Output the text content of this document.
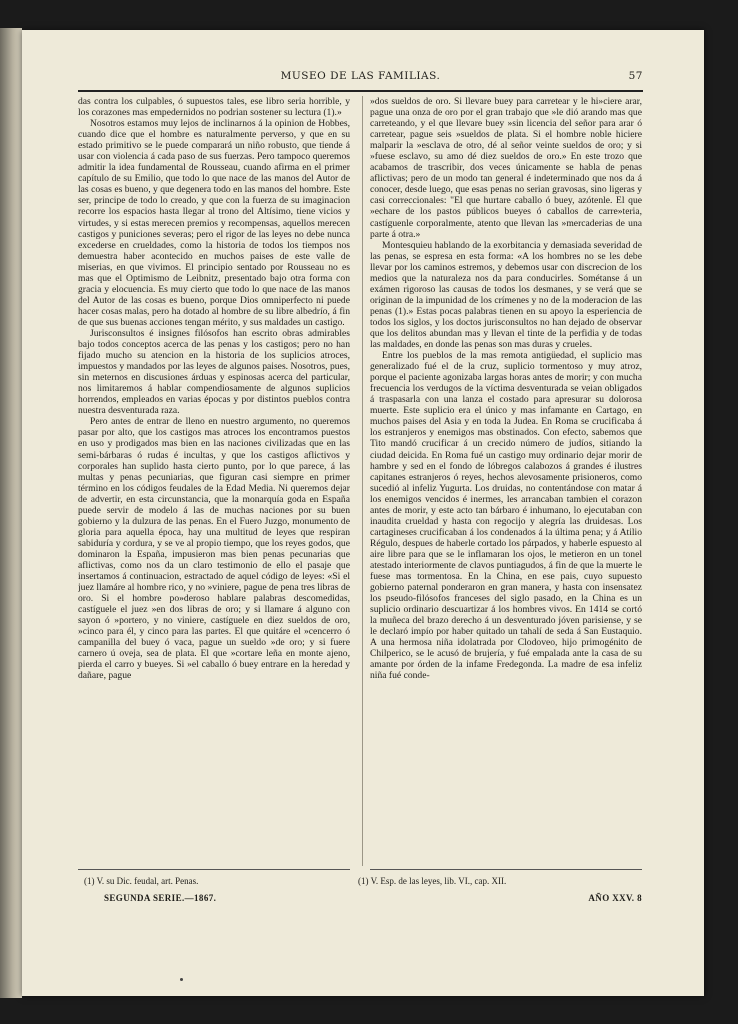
MUSEO DE LAS FAMILIAS.	57

das contra los culpables, ó supuestos tales, ese libro seria horrible, y los corazones mas empedernidos no podrian sostener su lectura (1).»

Nosotros estamos muy lejos de inclinarnos á la opinion de Hobbes, cuando dice que el hombre es naturalmente perverso, y que en su estado primitivo se le puede comparará un niño robusto, que tiende á usar con violencia á cada paso de sus fuerzas. Pero tampoco queremos admitir la idea fundamental de Rousseau, cuando afirma en el primer capítulo de su Emilio, que todo lo que nace de las manos del Autor de las cosas es bueno, y que degenera todo en las manos del hombre. Este ser, principe de todo lo creado, y que con la fuerza de su imaginacion recorre los espacios hasta llegar al trono del Altísimo, tiene vicios y virtudes, y si estas merecen premios y recompensas, aquellos merecen castigos y puniciones severas; pero el rigor de las leyes no debe nunca excederse en crueldades, como la historia de todos los tiempos nos demuestra haber acontecido en muchos paises de este valle de miserias, en que vivimos. El principio sentado por Rousseau no es mas que el Optimismo de Leibnitz, presentado bajo otra forma con gracia y elocuencia. Es muy cierto que todo lo que nace de las manos del Autor de las cosas es bueno, porque Dios omniperfecto ni puede hacer cosas malas, pero ha dotado al hombre de su libre albedrío, á fin de que sus buenas acciones tengan mérito, y sus maldades un castigo.

Jurisconsultos é insignes filósofos han escrito obras admirables bajo todos conceptos acerca de las penas y los castigos; pero no han fijado mucho su atencion en la historia de los suplicios atroces, impuestos y mandados por las leyes de algunos paises. Nosotros, pues, sin meternos en discusiones árduas y espinosas acerca del particular, nos limitaremos á hablar compendiosamente de algunos suplicios horrendos, empleados en varias épocas y por distintos pueblos contra nuestra desventurada raza.

Pero antes de entrar de lleno en nuestro argumento, no queremos pasar por alto, que los castigos mas atroces los encontramos puestos en uso y prodigados mas bien en las naciones civilizadas que en las semi-bárbaras ó rudas é incultas, y que los castigos aflictivos y corporales han suplido hasta cierto punto, por lo que parece, á las multas y penas pecuniarias, que figuran casi siempre en primer término en los códigos feudales de la Edad Media. Ni queremos dejar de advertir, en esta circunstancia, que la monarquía goda en España puede servir de modelo á las de muchas naciones por su buen gobierno y la dulzura de las penas. En el Fuero Juzgo, monumento de gloria para aquella época, hay una multitud de leyes que respiran sabiduría y cordura, y se ve al propio tiempo, que los reyes godos, que dominaron la España, impusieron mas bien penas pecunarias que aflictivas, como nos da un claro testimonio de ello el pasaje que insertamos á continuacion, estractado de aquel código de leyes: «Si el juez llamáre al hombre rico, y no »viniere, pague de pena tres libras de oro. Si el hombre po»deroso hablare palabras descomedidas, castíguele el juez »en dos libras de oro; y si llamare á alguno con sayon ó »portero, y no viniere, castíguele en diez sueldos de oro, »cinco para él, y cinco para las partes. El que quitáre el »cencerro ó campanilla del buey ó vaca, pague un sueldo »de oro; y si fuere carnero ú oveja, sea de plata. El que »cortare leña en monte ajeno, pierda el carro y bueyes. Si »el caballo ó buey entrare en la heredad y dañare, pague

»dos sueldos de oro. Si llevare buey para carretear y le hi»ciere arar, pague una onza de oro por el gran trabajo que »le dió arando mas que carreteando, y el que llevare buey »sin licencia del señor para arar ó carretear, pague seis »sueldos de plata. Si el hombre noble hiciere malparir la »esclava de otro, dé al señor veinte sueldos de oro; y si »fuese esclavo, su amo dé diez sueldos de oro.» En este trozo que acabamos de trascribir, dos veces únicamente se habla de penas aflictivas; pero de un modo tan general é indeterminado que nos da á conocer, desde luego, que esas penas no serian gravosas, sino ligeras y casi correccionales: "El que hurtare caballo ó buey, azótenle. El que »echare de los pastos públicos bueyes ó caballos de carre»teria, castíguenle corporalmente, atento que llevan las »mercaderias de una parte á otra.»

Montesquieu hablando de la exorbitancia y demasiada severidad de las penas, se espresa en esta forma: «A los hombres no se les debe llevar por los caminos estremos, y debemos usar con discrecion de los medios que la naturaleza nos da para conducirles. Sométanse á un exámen rigoroso las causas de todos los desmanes, y se verá que se originan de la impunidad de los crímenes y no de la moderacion de las penas (1).» Estas pocas palabras tienen en su apoyo la esperiencia de todos los siglos, y los doctos jurisconsultos no han dejado de observar que los delitos abundan mas y llevan el tinte de la perfidia y de todas las maldades, en donde las penas son mas duras y crueles.

Entre los pueblos de la mas remota antigüedad, el suplicio mas generalizado fué el de la cruz, suplicio tormentoso y muy atroz, porque el paciente agonizaba largas horas antes de morir; y con mucha frecuencia los verdugos de la víctima desventurada se veian obligados á traspasarla con una lanza el costado para apresurar su dolorosa muerte. Este suplicio era el único y mas infamante en Cartago, en muchos paises del Asia y en toda la Judea. En Roma se crucificaba á los estranjeros y enemigos mas obstinados. Con efecto, sabemos que Tito mandó crucificar á un crecido número de judíos, sitiando la ciudad deicida. En Roma fué un castigo muy ordinario dejar morir de hambre y sed en el fondo de lóbregos calabozos á grandes é ilustres capitanes estranjeros ó reyes, hechos alevosamente prisioneros, como sucedió al infeliz Yugurta. Los druidas, no contentándose con matar á los enemigos vencidos é inermes, les arrancaban tambien el corazon antes de morir, y este acto tan bárbaro é inhumano, lo ejecutaban con inaudita crueldad y hasta con regocijo y alegría las druidesas. Los cartagineses crucificaban á los condenados á la última pena; y á Atilio Régulo, despues de haberle cortado los párpados, y haberle espuesto al aire libre para que se le inflamaran los ojos, le metieron en un tonel atestado interiormente de clavos puntiagudos, á fin de que la muerte le fuese mas tormentosa. En la China, en ese pais, cuyo supuesto gobierno paternal ponderaron en gran manera, y hasta con insensatez los pseudo-filósofos franceses del siglo pasado, en la China es un suplicio ordinario descuartizar á los hombres vivos. En 1414 se cortó la muñeca del brazo derecho á un desventurado jóven parisiense, y se le declaró impío por haber quitado un tahalí de seda á San Eustaquio. A una hermosa niña idolatrada por Clodoveo, hijo primogénito de Chilperico, se le acusó de brujería, y fué empalada ante la casa de su amante por órden de la infame Fredegonda. La madre de esa infeliz niña fué conde-

(1) V. su Dic. feudal, art. Penas.	(1) V. Esp. de las leyes, lib. VI., cap. XII.
SEGUNDA SERIE.—1867.	AÑO XXV. 8
